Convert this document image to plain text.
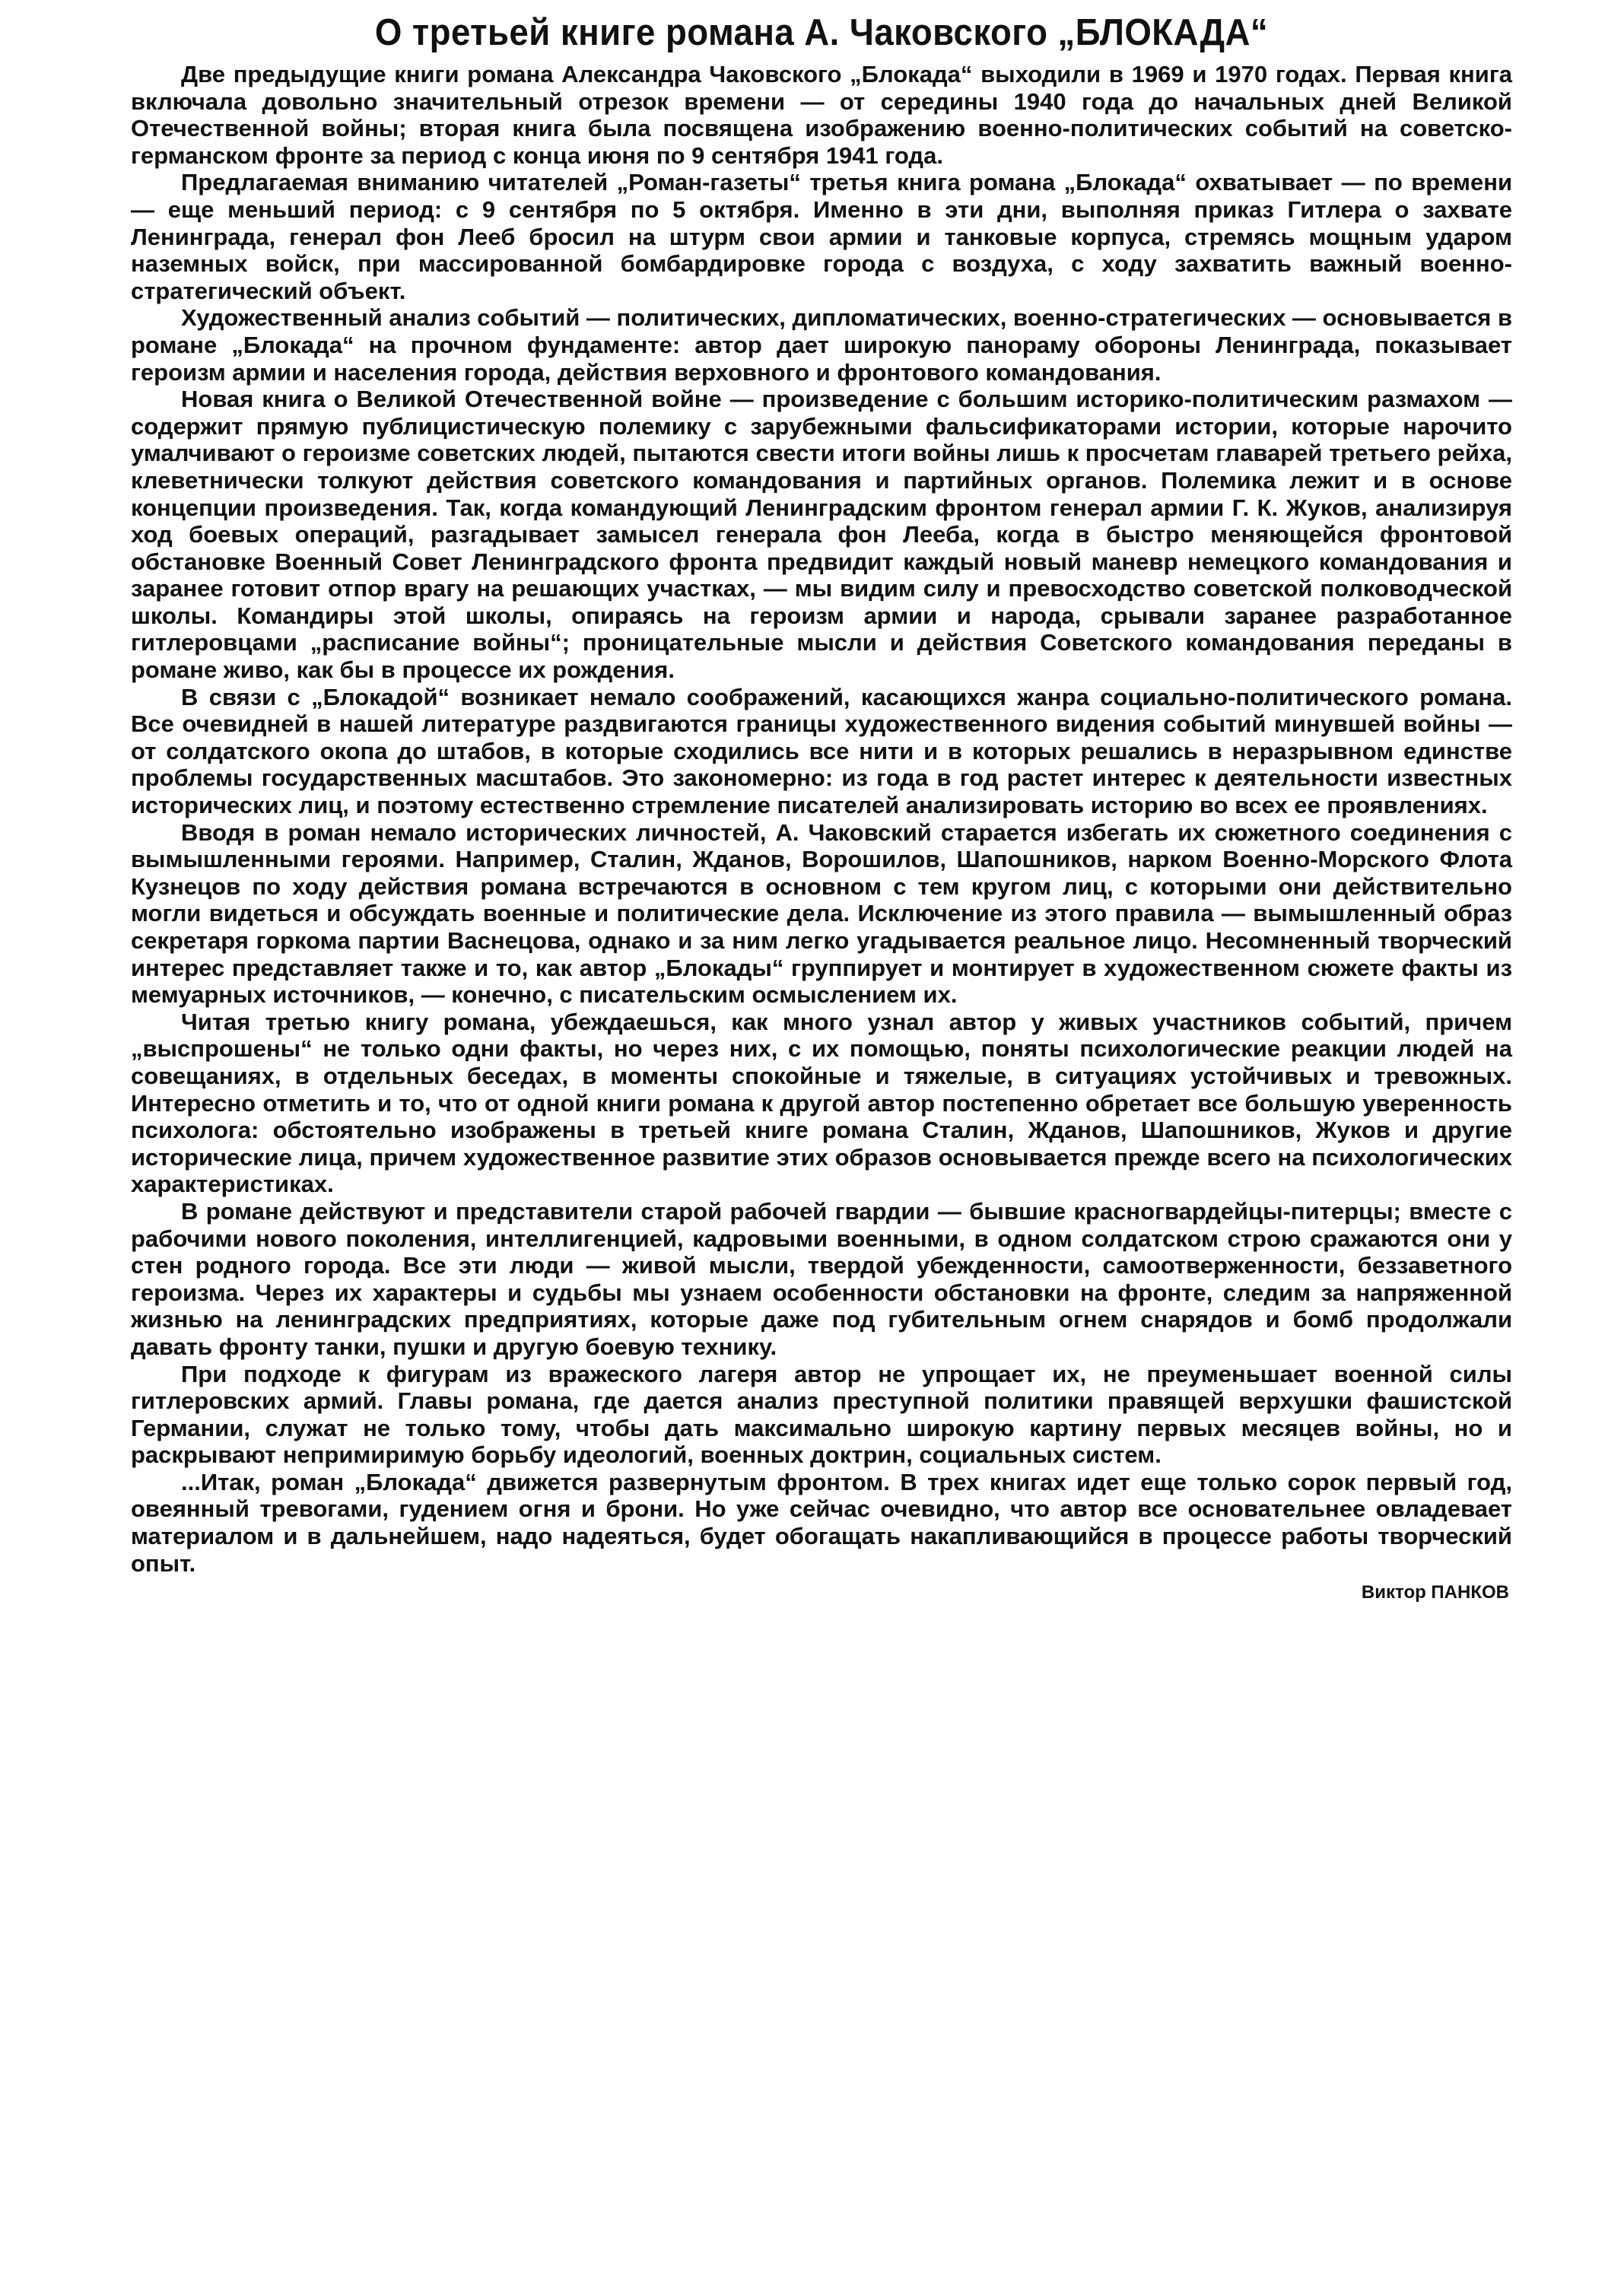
О третьей книге романа А. Чаковского „БЛОКАДА“

Две предыдущие книги романа Александра Чаковского „Блокада“ выходили в 1969 и 1970 годах. Первая книга включала довольно значительный отрезок времени — от середины 1940 года до начальных дней Великой Отечественной войны; вторая книга была посвящена изображению военно-политических событий на советско-германском фронте за период с конца июня по 9 сентября 1941 года.

Предлагаемая вниманию читателей „Роман-газеты“ третья книга романа „Блокада“ охватывает — по времени — еще меньший период: с 9 сентября по 5 октября. Именно в эти дни, выполняя приказ Гитлера о захвате Ленинграда, генерал фон Лееб бросил на штурм свои армии и танковые корпуса, стремясь мощным ударом наземных войск, при массированной бомбардировке города с воздуха, с ходу захватить важный военно-стратегический объект.

Художественный анализ событий — политических, дипломатических, военно-стратегических — основывается в романе „Блокада“ на прочном фундаменте: автор дает широкую панораму обороны Ленинграда, показывает героизм армии и населения города, действия верховного и фронтового командования.

Новая книга о Великой Отечественной войне — произведение с большим историко-политическим размахом — содержит прямую публицистическую полемику с зарубежными фальсификаторами истории, которые нарочито умалчивают о героизме советских людей, пытаются свести итоги войны лишь к просчетам главарей третьего рейха, клеветнически толкуют действия советского командования и партийных органов. Полемика лежит и в основе концепции произведения. Так, когда командующий Ленинградским фронтом генерал армии Г. К. Жуков, анализируя ход боевых операций, разгадывает замысел генерала фон Лееба, когда в быстро меняющейся фронтовой обстановке Военный Совет Ленинградского фронта предвидит каждый новый маневр немецкого командования и заранее готовит отпор врагу на решающих участках, — мы видим силу и превосходство советской полководческой школы. Командиры этой школы, опираясь на героизм армии и народа, срывали заранее разработанное гитлеровцами „расписание войны“; проницательные мысли и действия Советского командования переданы в романе живо, как бы в процессе их рождения.

В связи с „Блокадой“ возникает немало соображений, касающихся жанра социально-политического романа. Все очевидней в нашей литературе раздвигаются границы художественного видения событий минувшей войны — от солдатского окопа до штабов, в которые сходились все нити и в которых решались в неразрывном единстве проблемы государственных масштабов. Это закономерно: из года в год растет интерес к деятельности известных исторических лиц, и поэтому естественно стремление писателей анализировать историю во всех ее проявлениях.

Вводя в роман немало исторических личностей, А. Чаковский старается избегать их сюжетного соединения с вымышленными героями. Например, Сталин, Жданов, Ворошилов, Шапошников, нарком Военно-Морского Флота Кузнецов по ходу действия романа встречаются в основном с тем кругом лиц, с которыми они действительно могли видеться и обсуждать военные и политические дела. Исключение из этого правила — вымышленный образ секретаря горкома партии Васнецова, однако и за ним легко угадывается реальное лицо. Несомненный творческий интерес представляет также и то, как автор „Блокады“ группирует и монтирует в художественном сюжете факты из мемуарных источников, — конечно, с писательским осмыслением их.

Читая третью книгу романа, убеждаешься, как много узнал автор у живых участников событий, причем „выспрошены“ не только одни факты, но через них, с их помощью, поняты психологические реакции людей на совещаниях, в отдельных беседах, в моменты спокойные и тяжелые, в ситуациях устойчивых и тревожных. Интересно отметить и то, что от одной книги романа к другой автор постепенно обретает все большую уверенность психолога: обстоятельно изображены в третьей книге романа Сталин, Жданов, Шапошников, Жуков и другие исторические лица, причем художественное развитие этих образов основывается прежде всего на психологических характеристиках.

В романе действуют и представители старой рабочей гвардии — бывшие красногвардейцы-питерцы; вместе с рабочими нового поколения, интеллигенцией, кадровыми военными, в одном солдатском строю сражаются они у стен родного города. Все эти люди — живой мысли, твердой убежденности, самоотверженности, беззаветного героизма. Через их характеры и судьбы мы узнаем особенности обстановки на фронте, следим за напряженной жизнью на ленинградских предприятиях, которые даже под губительным огнем снарядов и бомб продолжали давать фронту танки, пушки и другую боевую технику.

При подходе к фигурам из вражеского лагеря автор не упрощает их, не преуменьшает военной силы гитлеровских армий. Главы романа, где дается анализ преступной политики правящей верхушки фашистской Германии, служат не только тому, чтобы дать максимально широкую картину первых месяцев войны, но и раскрывают непримиримую борьбу идеологий, военных доктрин, социальных систем.

...Итак, роман „Блокада“ движется развернутым фронтом. В трех книгах идет еще только сорок первый год, овеянный тревогами, гудением огня и брони. Но уже сейчас очевидно, что автор все основательнее овладевает материалом и в дальнейшем, надо надеяться, будет обогащать накапливающийся в процессе работы творческий опыт.

Виктор ПАНКОВ
